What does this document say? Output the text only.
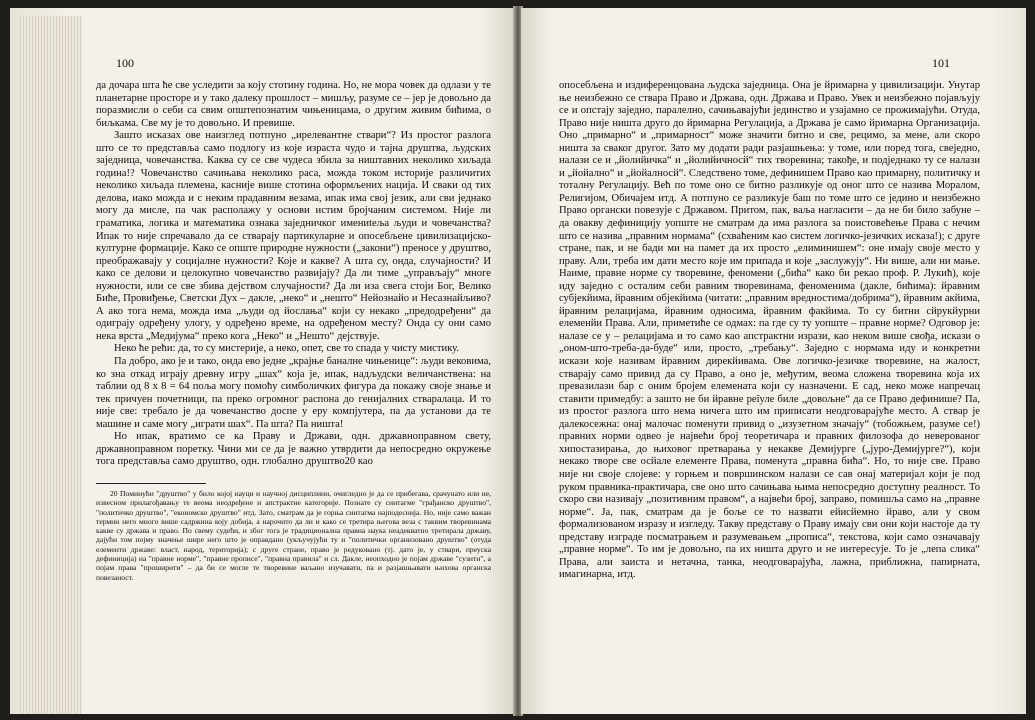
100

да дочара шта ће све уследити за коју стотину година. Но, не мора човек да одлази у те планетарне просторе и у тако далеку прошлост – мишљу, разуме се – јер је довољно да поразмисли о себи са свим општепознатим чињеницама, о другим живим бићима, о биљкама. Све му је то довољно. И превише.

Зашто исказах ове наизглед потпуно „ирелевантне ствари“? Из простог разлога што се то представља само подлогу из које израста чудо и тајна друштва, људских заједница, човечанства. Каква су се све чудеса збила за ништавних неколико хиљада година!? Човечанство сачињава неколико раса, можда током историје различитих неколико хиљада племена, касније више стотина оформљених нација. И сваки од тих делова, иако можда и с неким прадавним везама, ипак има свој језик, али сви једнако могу да мисле, па чак располажу у основи истим бројчаним системом. Није ли граматика, логика и математика ознака заједничког имениteља људи и човечанства? Ипак то није спречавало да се стварају партикуларне и опосебљене цивилизацијско-културне формације. Како се опште природне нужности („закони“) преносе у друштво, преображавају у социјалне нужности? Које и какве? А шта су, онда, случајности? И како се делови и целокупно човечанство развијају? Да ли тиме „управљају“ многе нужности, или се све збива дејством случајности? Да ли иза свега стоји Бог, Велико Биће, Провиђење, Светски Дух – дакле, „неко“ и „нешто“ Нейознайо и Несазнайљиво? А ако тога нема, можда има „људи од йослања“ који су некако „предодређени“ да одиграју одређену улогу, у одређено време, на одређеном месту? Онда су они само нека врста „Медијума“ преко кога „Неко“ и „Нешто“ дејствује.

Неко ће рећи: да, то су мистерије, а неко, опет, све то спада у чисту мистику.

Па добро, ако је и тако, онда ево једне „крајње баналне чињенице“: људи вековима, ко зна откад играју древну игру „шах“ која је, ипак, надљудски величанствена: на таблии од 8 х 8 = 64 поља могу помоћу симболичких фигура да покажу своје знање и тек причуен почетници, па преко огромног распона до генијалних стваралаца. И то није све: требало је да човечанство доспе у еру компјутера, па да установи да те машине и саме могу „играти шах“. Па шта? Па ништа!

Но ипак, вратимо се ка Праву и Држави, одн. државноправном свету, државноправном поретку. Чини ми се да је важно утврдити да непосредно окружење тога представља само друштво, одн. глобално друштво20 као

20 Поминући "друштво" у било којој науци и научној дисциплини, очигледно је да се прибегава, срачунато или не, извесном прилагођавању те веома неодређене и апстрактне категорије. Познате су синтагме "грађанско друштво", "политичко друштво", "економско друштво" итд. Зато, сматрам да је горња синтагма најподеснија. Но, није само важан термин него много више садржина коју добија, а нарочито да ли и како се третира његова веза с таквим творевинама какве су држава и право. По свему судећи, и због тога је традиционална правна наука неадекватно третирала државу, дајући том појму значење шире него што је оправдано (укључујући ту и "политички организовано друштво" (отуда елементи државе: власт, народ, територија); с друге стране, право је редуковано (тј. дато је, у ствари, преуска дефиниција) на "правне норме", "правне прописе", "правна правила" и сл. Дакле, неопходно је појам државе "сузити", а појам права "проширити" – да би се могле те творевине ваљано изучавати, па и разјашњавати њихова органска повезаност.

101

опосебљена и издиференцована људска заједница. Она је йримарна у цивилизацији. Унутар ње неизбежно се ствара Право и Држава, одн. Држава и Право. Увек и неизбежно појављују се и опстају заједно, паралелно, сачињавајући јединство и узајамно се прожимајући. Отуда, Право није ништа друго до йримарна Регулација, а Држава је само йримарна Организација. Оно „примарно“ и „примарност“ може значити битно и све, рецимо, за мене, али скоро ништа за сваког другог. Зато му додати ради разјашњења: у томе, или поред тога, свеједно, налази се и „йолийичка“ и „йолийичносй“ тих творевина; такође, и подједнако ту се налази и „йойално“ и „йойалносй“. Следствено томе, дефинишем Право као примарну, политичку и тоталну Регулацију. Већ по томе оно се битно разликује од оног што се назива Моралом, Религијом, Обичајем итд. А потпуно се разликује баш по томе што се једино и неизбежно Право органски повезује с Државом. Притом, пак, ваља нагласити – да не би било забуне – да овакву дефиницију уопште не сматрам да има разлога за поистовећење Права с нечим што се назива „правним нормама“ (схваћеним као систем логичко-језичких исказа!); с друге стране, пак, и не бади ми на памет да их просто „елиминишем“: оне имају своје место у праву. Али, треба им дати место које им припада и које „заслужују“. Ни више, али ни мање. Наиме, правне норме су творевине, феномени („бића“ како би рекао проф. Р. Лукић), које иду заједно с осталим себи равним творевинама, феноменима (дакле, бићима): йравним субјекйима, йравним објекйима (читати: „правним вредностима/добрима“), йравним акйима, йравним релацијама, йравним односима, йравним факйима. То су битни сйрукйурни елеменйи Права. Али, приметиће се одмах: па где су ту уопште – правне норме? Одговор је: налазе се у – релацијама и то само као апстрактни изрази, као неком више свођа, искази о „оном-што-треба-да-буде“ или, просто, „требању“. Заједно с нормама иду и конкретни искази које називам йравним дирекйивама. Ове логичко-језичке творевине, на жалост, стварају само привид да су Право, а оно је, међутим, веома сложена творевина која их превазилази бар с оним бројем елемената који су назначени. Е сад, неко може напречац ставити примедбу: а зашто не би йравне реїуле биле „довољне“ да се Право дефинише? Па, из простог разлога што нема ничега што им приписати неодговарајуће место. А ствар је далекосежна: онај малочас поменути привид о „изузетном значају“ (тобожњем, разуме се!) правних норми одвео је највећи број теоретичара и правних филозофа до неверованог хипостазирања, до њиховог претварања у некакве Демијурге („јуро-Демијурге?“), који некако творе све осйале елементе Права, поменута „правна бића“. Но, то није све. Право није ни своје слојеве: у горњем и површинском налази се сав онај материјал који је под руком правника-практичара, све оно што сачињава њима непосредно доступну реалност. То скоро сви називају „позитивним правом“, а највећи број, заправо, помишља само на „правне норме“. Ја, пак, сматрам да је боље се то назвати ейисйемно йраво, али у свом формализованом изразу и изгледу. Такву представу о Праву имају сви они који настоје да ту представу изграде посматрањем и разумевањем „прописа“, текстова, који само означавају „правне норме“. То им је довољно, па их ништа друго и не интересује. То је „лепа слика“ Права, али заиста и нетачна, танка, неодговарајућа, лажна, приближна, папирната, имагинарна, итд.
